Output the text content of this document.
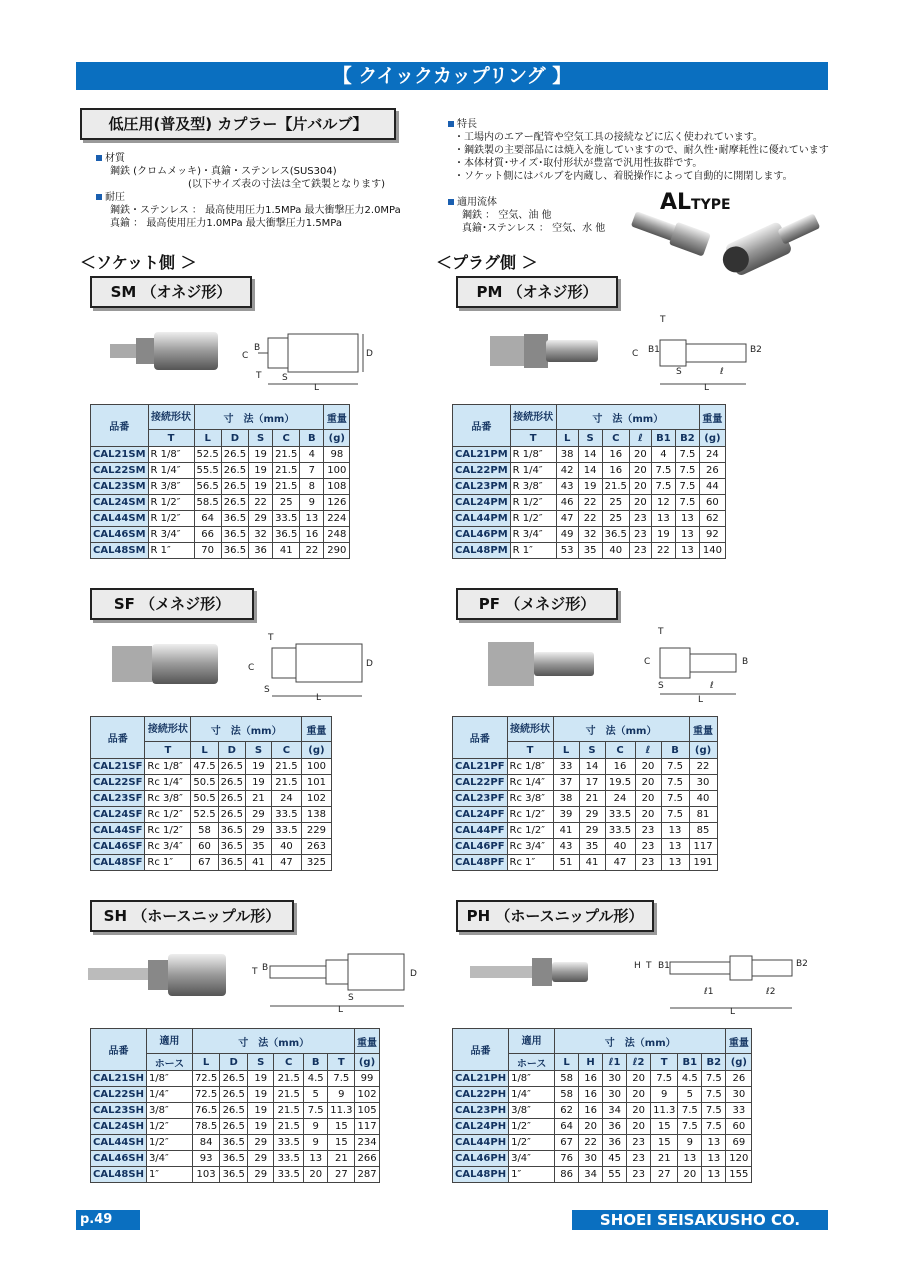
【 クイックカップリング 】
低圧用(普及型) カプラー【片バルブ】
材質
鋼鉄 (クロムメッキ)・真鍮・ステンレス(SUS304)
(以下サイズ表の寸法は全て鉄製となります)
耐圧
鋼鉄・ステンレス ： 最高使用圧力1.5MPa 最大衝撃圧力2.0MPa
真鍮 ： 最高使用圧力1.0MPa 最大衝撃圧力1.5MPa
特長
・工場内のエアー配管や空気工具の接続などに広く使われています。
・鋼鉄製の主要部品には焼入を施していますので、耐久性･耐摩耗性に優れています
・本体材質･サイズ･取付形状が豊富で汎用性抜群です。
・ソケット側にはバルブを内蔵し、着脱操作によって自動的に開閉します。
適用流体
鋼鉄 ： 空気、油 他
真鍮･ステンレス ： 空気、水 他
ALTYPE
＜ソケット側 ＞	＜プラグ側 ＞
SM （オネジ形）	PM （オネジ形）
SF （メネジ形）	PF （メネジ形）
SH （ホースニップル形）	PH （ホースニップル形）
C
B
D
S
L
T
C B1	B2
T
S	ℓ
L
C
T
D
S
L
C
T
B
S	ℓ
L
T B
D
S
L
H T B1	B2
ℓ1	ℓ2
L
品番	接続形状	寸　法（mm）					重量
	T	L	D	S	C	B	(g)
CAL21SM	R 1/8″	52.5	26.5	19	21.5	4	98
CAL22SM	R 1/4″	55.5	26.5	19	21.5	7	100
CAL23SM	R 3/8″	56.5	26.5	19	21.5	8	108
CAL24SM	R 1/2″	58.5	26.5	22	25	9	126
CAL44SM	R 1/2″	64	36.5	29	33.5	13	224
CAL46SM	R 3/4″	66	36.5	32	36.5	16	248
CAL48SM	R 1″	70	36.5	36	41	22	290
品番	接続形状	寸　法（mm）						重量
	T	L	S	C	ℓ	B1	B2	(g)
CAL21PM	R 1/8″	38	14	16	20	4	7.5	24
CAL22PM	R 1/4″	42	14	16	20	7.5	7.5	26
CAL23PM	R 3/8″	43	19	21.5	20	7.5	7.5	44
CAL24PM	R 1/2″	46	22	25	20	12	7.5	60
CAL44PM	R 1/2″	47	22	25	23	13	13	62
CAL46PM	R 3/4″	49	32	36.5	23	19	13	92
CAL48PM	R 1″	53	35	40	23	22	13	140
品番	接続形状	寸　法（mm）				重量
	T	L	D	S	C	(g)
CAL21SF	Rc 1/8″	47.5	26.5	19	21.5	100
CAL22SF	Rc 1/4″	50.5	26.5	19	21.5	101
CAL23SF	Rc 3/8″	50.5	26.5	21	24	102
CAL24SF	Rc 1/2″	52.5	26.5	29	33.5	138
CAL44SF	Rc 1/2″	58	36.5	29	33.5	229
CAL46SF	Rc 3/4″	60	36.5	35	40	263
CAL48SF	Rc 1″	67	36.5	41	47	325
品番	接続形状	寸　法（mm）					重量
	T	L	S	C	ℓ	B	(g)
CAL21PF	Rc 1/8″	33	14	16	20	7.5	22
CAL22PF	Rc 1/4″	37	17	19.5	20	7.5	30
CAL23PF	Rc 3/8″	38	21	24	20	7.5	40
CAL24PF	Rc 1/2″	39	29	33.5	20	7.5	81
CAL44PF	Rc 1/2″	41	29	33.5	23	13	85
CAL46PF	Rc 3/4″	43	35	40	23	13	117
CAL48PF	Rc 1″	51	41	47	23	13	191
品番	適用	寸　法（mm）						重量
	ホース	L	D	S	C	B	T	(g)
CAL21SH	1/8″	72.5	26.5	19	21.5	4.5	7.5	99
CAL22SH	1/4″	72.5	26.5	19	21.5	5	9	102
CAL23SH	3/8″	76.5	26.5	19	21.5	7.5	11.3	105
CAL24SH	1/2″	78.5	26.5	19	21.5	9	15	117
CAL44SH	1/2″	84	36.5	29	33.5	9	15	234
CAL46SH	3/4″	93	36.5	29	33.5	13	21	266
CAL48SH	1″	103	36.5	29	33.5	20	27	287
品番	適用	寸　法（mm）							重量
	ホース	L	H	ℓ1	ℓ2	T	B1	B2	(g)
CAL21PH	1/8″	58	16	30	20	7.5	4.5	7.5	26
CAL22PH	1/4″	58	16	30	20	9	5	7.5	30
CAL23PH	3/8″	62	16	34	20	11.3	7.5	7.5	33
CAL24PH	1/2″	64	20	36	20	15	7.5	7.5	60
CAL44PH	1/2″	67	22	36	23	15	9	13	69
CAL46PH	3/4″	76	30	45	23	21	13	13	120
CAL48PH	1″	86	34	55	23	27	20	13	155
p.49	SHOEI SEISAKUSHO CO.
